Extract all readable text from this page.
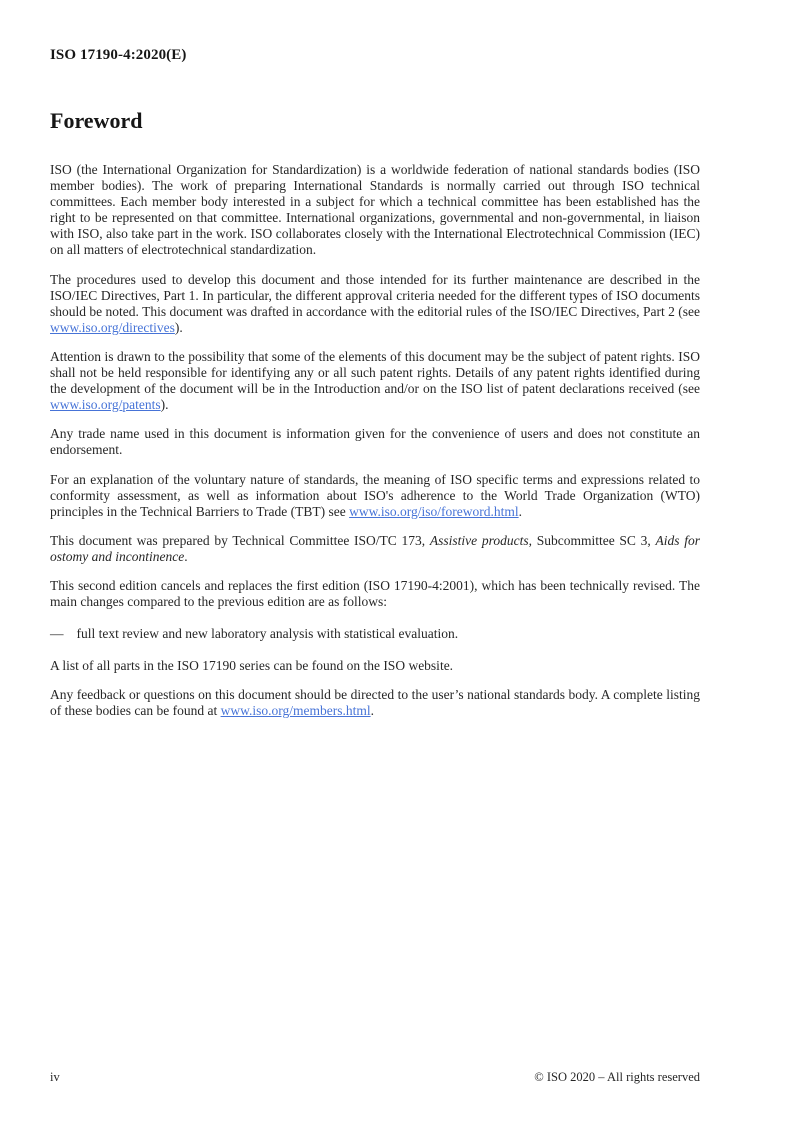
ISO 17190-4:2020(E)
Foreword

ISO (the International Organization for Standardization) is a worldwide federation of national standards bodies (ISO member bodies). The work of preparing International Standards is normally carried out through ISO technical committees. Each member body interested in a subject for which a technical committee has been established has the right to be represented on that committee. International organizations, governmental and non-governmental, in liaison with ISO, also take part in the work. ISO collaborates closely with the International Electrotechnical Commission (IEC) on all matters of electrotechnical standardization.

The procedures used to develop this document and those intended for its further maintenance are described in the ISO/IEC Directives, Part 1. In particular, the different approval criteria needed for the different types of ISO documents should be noted. This document was drafted in accordance with the editorial rules of the ISO/IEC Directives, Part 2 (see www.iso.org/directives).

Attention is drawn to the possibility that some of the elements of this document may be the subject of patent rights. ISO shall not be held responsible for identifying any or all such patent rights. Details of any patent rights identified during the development of the document will be in the Introduction and/or on the ISO list of patent declarations received (see www.iso.org/patents).

Any trade name used in this document is information given for the convenience of users and does not constitute an endorsement.

For an explanation of the voluntary nature of standards, the meaning of ISO specific terms and expressions related to conformity assessment, as well as information about ISO's adherence to the World Trade Organization (WTO) principles in the Technical Barriers to Trade (TBT) see www.iso.org/iso/foreword.html.

This document was prepared by Technical Committee ISO/TC 173, Assistive products, Subcommittee SC 3, Aids for ostomy and incontinence.

This second edition cancels and replaces the first edition (ISO 17190-4:2001), which has been technically revised. The main changes compared to the previous edition are as follows:

— full text review and new laboratory analysis with statistical evaluation.

A list of all parts in the ISO 17190 series can be found on the ISO website.

Any feedback or questions on this document should be directed to the user’s national standards body. A complete listing of these bodies can be found at www.iso.org/members.html.

iv	© ISO 2020 – All rights reserved
